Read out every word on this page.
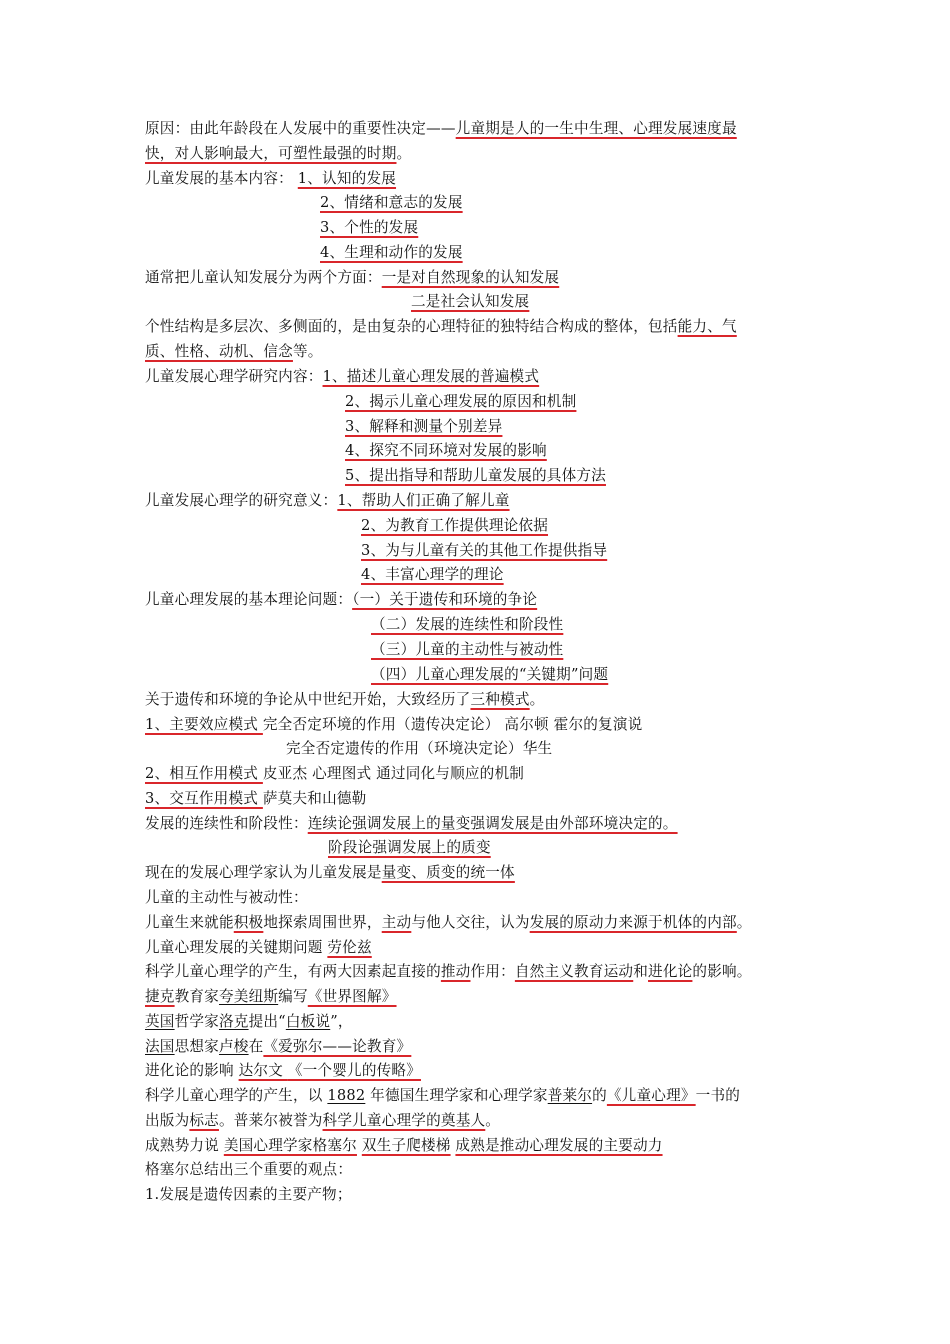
原因：由此年龄段在人发展中的重要性决定——儿童期是人的一生中生理、心理发展速度最
快，对人影响最大，可塑性最强的时期。
儿童发展的基本内容： 1、认知的发展
2、情绪和意志的发展
3、个性的发展
4、生理和动作的发展
通常把儿童认知发展分为两个方面：一是对自然现象的认知发展
二是社会认知发展
个性结构是多层次、多侧面的，是由复杂的心理特征的独特结合构成的整体，包括能力、气
质、性格、动机、信念等。
儿童发展心理学研究内容：1、描述儿童心理发展的普遍模式
2、揭示儿童心理发展的原因和机制
3、解释和测量个别差异
4、探究不同环境对发展的影响
5、提出指导和帮助儿童发展的具体方法
儿童发展心理学的研究意义：1、帮助人们正确了解儿童
2、为教育工作提供理论依据
3、为与儿童有关的其他工作提供指导
4、丰富心理学的理论
儿童心理发展的基本理论问题：（一）关于遗传和环境的争论
（二）发展的连续性和阶段性
（三）儿童的主动性与被动性
（四）儿童心理发展的“关键期”问题
关于遗传和环境的争论从中世纪开始，大致经历了三种模式。
1、主要效应模式 完全否定环境的作用（遗传决定论） 高尔顿 霍尔的复演说
完全否定遗传的作用（环境决定论）华生
2、相互作用模式 皮亚杰 心理图式 通过同化与顺应的机制
3、交互作用模式 萨莫夫和山德勒
发展的连续性和阶段性：连续论强调发展上的量变强调发展是由外部环境决定的。
阶段论强调发展上的质变
现在的发展心理学家认为儿童发展是量变、质变的统一体
儿童的主动性与被动性：
儿童生来就能积极地探索周围世界，主动与他人交往，认为发展的原动力来源于机体的内部。
儿童心理发展的关键期问题 劳伦兹
科学儿童心理学的产生，有两大因素起直接的推动作用：自然主义教育运动和进化论的影响。
捷克教育家夸美纽斯编写《世界图解》
英国哲学家洛克提出“白板说”，
法国思想家卢梭在《爱弥尔——论教育》
进化论的影响 达尔文 《一个婴儿的传略》
科学儿童心理学的产生，以 1882 年德国生理学家和心理学家普莱尔的《儿童心理》一书的
出版为标志。普莱尔被誉为科学儿童心理学的奠基人。
成熟势力说 美国心理学家格塞尔 双生子爬楼梯 成熟是推动心理发展的主要动力
格塞尔总结出三个重要的观点：
1.发展是遗传因素的主要产物；
